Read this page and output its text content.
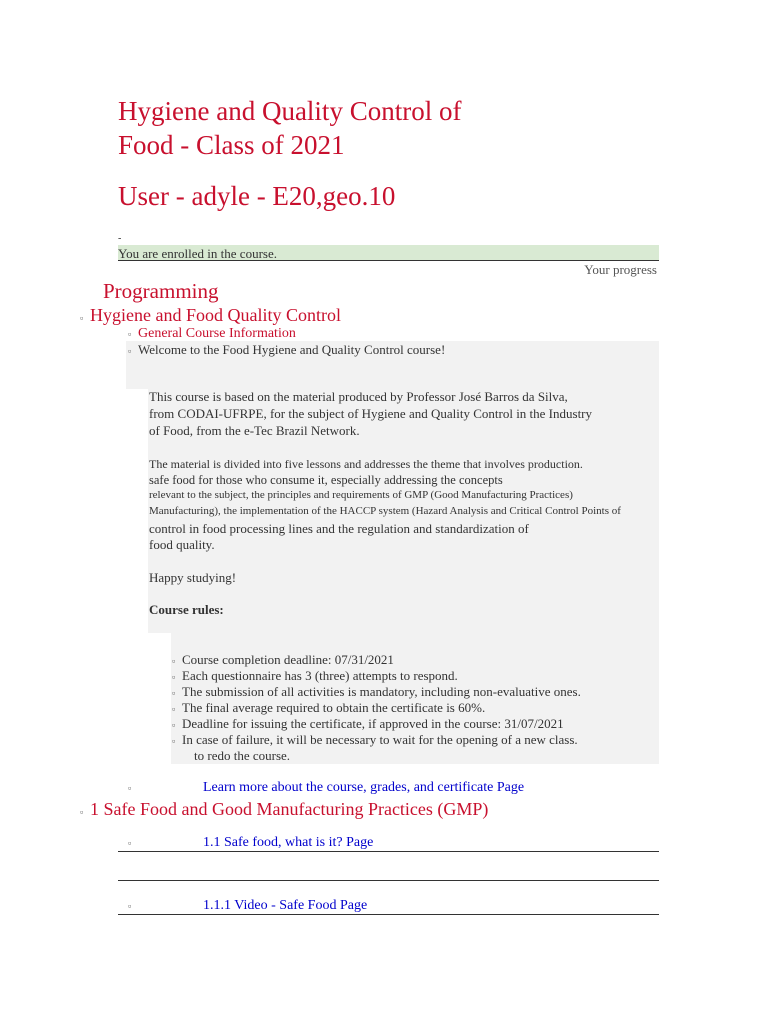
Hygiene and Quality Control of
Food - Class of 2021
User - adyle - E20,geo.10
-
You are enrolled in the course.
Your progress
Programming
▫ Hygiene and Food Quality Control
▫ General Course Information
▫ Welcome to the Food Hygiene and Quality Control course!
This course is based on the material produced by Professor José Barros da Silva,
from CODAI-UFRPE, for the subject of Hygiene and Quality Control in the Industry
of Food, from the e-Tec Brazil Network.
The material is divided into five lessons and addresses the theme that involves production.
safe food for those who consume it, especially addressing the concepts
relevant to the subject, the principles and requirements of GMP (Good Manufacturing Practices)
Manufacturing), the implementation of the HACCP system (Hazard Analysis and Critical Control Points of
control in food processing lines and the regulation and standardization of
food quality.
Happy studying!
Course rules:
▫ Course completion deadline: 07/31/2021
▫ Each questionnaire has 3 (three) attempts to respond.
▫ The submission of all activities is mandatory, including non-evaluative ones.
▫ The final average required to obtain the certificate is 60%.
▫ Deadline for issuing the certificate, if approved in the course: 31/07/2021
▫ In case of failure, it will be necessary to wait for the opening of a new class.
to redo the course.
▫	Learn more about the course, grades, and certificate Page
▫ 1 Safe Food and Good Manufacturing Practices (GMP)
▫	1.1 Safe food, what is it? Page
▫	1.1.1 Video - Safe Food Page
